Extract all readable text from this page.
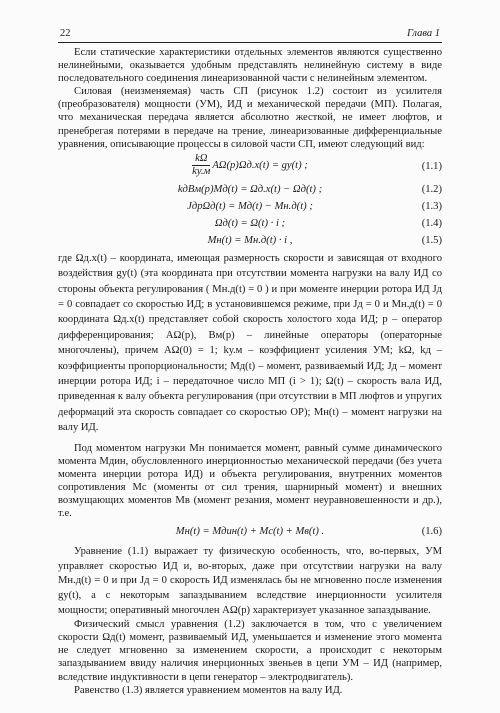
22	Глава 1

Если статические характеристики отдельных элементов являются существенно нелинейными, оказывается удобным представлять нелинейную систему в виде последовательного соединения линеаризованной части с нелинейным элементом.

Силовая (неизменяемая) часть СП (рисунок 1.2) состоит из усилителя (преобразователя) мощности (УМ), ИД и механической передачи (МП). Полагая, что механическая передача является абсолютно жесткой, не имеет люфтов, и пренебрегая потерями в передаче на трение, линеаризованные дифференциальные уравнения, описывающие процессы в силовой части СП, имеют следующий вид:

$\frac{k\Omega}{kу.м} A\Omega(p)\Omega д.х(t) = gу(t)$ ;	(1.1)
kдBм(p)Mд(t) = Ωд.х(t) − Ωд(t) ;	(1.2)
JдpΩд(t) = Mд(t) − Mн.д(t) ;	(1.3)
Ωд(t) = Ω(t) · i ;	(1.4)
Mн(t) = Mн.д(t) · i ,	(1.5)

где Ωд.х(t) – координата, имеющая размерность скорости и зависящая от входного воздействия gу(t) (эта координата при отсутствии момента нагрузки на валу ИД со стороны объекта регулирования ( Mн.д(t) = 0 ) и при моменте инерции ротора ИД Jд = 0 совпадает со скоростью ИД; в установившемся режиме, при Jд = 0 и Mн.д(t) = 0 координата Ωд.х(t) представляет собой скорость холостого хода ИД; p – оператор дифференцирования; AΩ(p), Bм(p) – линейные операторы (операторные многочлены), причем AΩ(0) = 1; kу.м – коэффициент усиления УМ; kΩ, kд – коэффициенты пропорциональности; Mд(t) – момент, развиваемый ИД; Jд – момент инерции ротора ИД; i – передаточное число МП (i > 1); Ω(t) – скорость вала ИД, приведенная к валу объекта регулирования (при отсутствии в МП люфтов и упругих деформаций эта скорость совпадает со скоростью ОР); Mн(t) – момент нагрузки на валу ИД.

Под моментом нагрузки Mн понимается момент, равный сумме динамического момента Mдин, обусловленного инерционностью механической передачи (без учета момента инерции ротора ИД) и объекта регулирования, внутренних моментов сопротивления Mс (моменты от сил трения, шарнирный момент) и внешних возмущающих моментов Mв (момент резания, момент неуравновешенности и др.), т.е.

Mн(t) = Mдин(t) + Mс(t) + Mв(t) .	(1.6)

Уравнение (1.1) выражает ту физическую особенность, что, во-первых, УМ управляет скоростью ИД и, во-вторых, даже при отсутствии нагрузки на валу Mн.д(t) = 0 и при Jд = 0 скорость ИД изменялась бы не мгновенно после изменения gу(t), а с некоторым запаздыванием вследствие инерционности усилителя мощности; оперативный многочлен AΩ(p) характеризует указанное запаздывание.

Физический смысл уравнения (1.2) заключается в том, что с увеличением скорости Ωд(t) момент, развиваемый ИД, уменьшается и изменение этого момента не следует мгновенно за изменением скорости, а происходит с некоторым запаздыванием ввиду наличия инерционных звеньев в цепи УМ – ИД (например, вследствие индуктивности в цепи генератор – электродвигатель).

Равенство (1.3) является уравнением моментов на валу ИД.
